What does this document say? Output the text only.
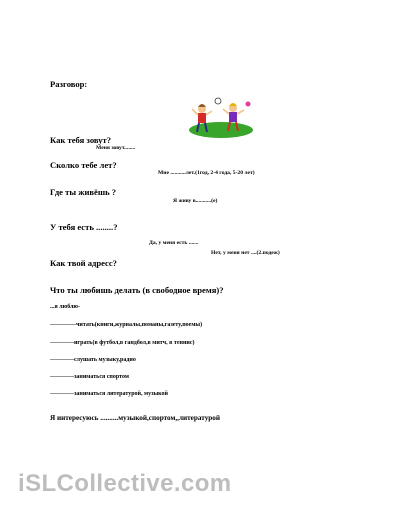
Разговор:
Как тебя зовут?
Меня зовут........
Сколко тебе лет?
Мне ...........лет.(1год, 2-4 года, 5-20 лет)
Где ты живёшь ?
Я живу в...........(е)
У тебя есть ........?
Да, у меня есть .......
Нет, у меня нет ....(2.подеж)
Как твой адресс?
Что ты любишь делать (в свободное время)?
...я люблю-
-------------читать(книги,журналы,поманы,газету,поемы)
------------играть(в футбол,в гандбол,в митч, в теннис)
------------слушать музыку,радио
------------заниматься спортом
------------заниматься литературой, музыкой
Я интересуюсь ..........музыкой,спортом,,литературой
iSLCollective.com
